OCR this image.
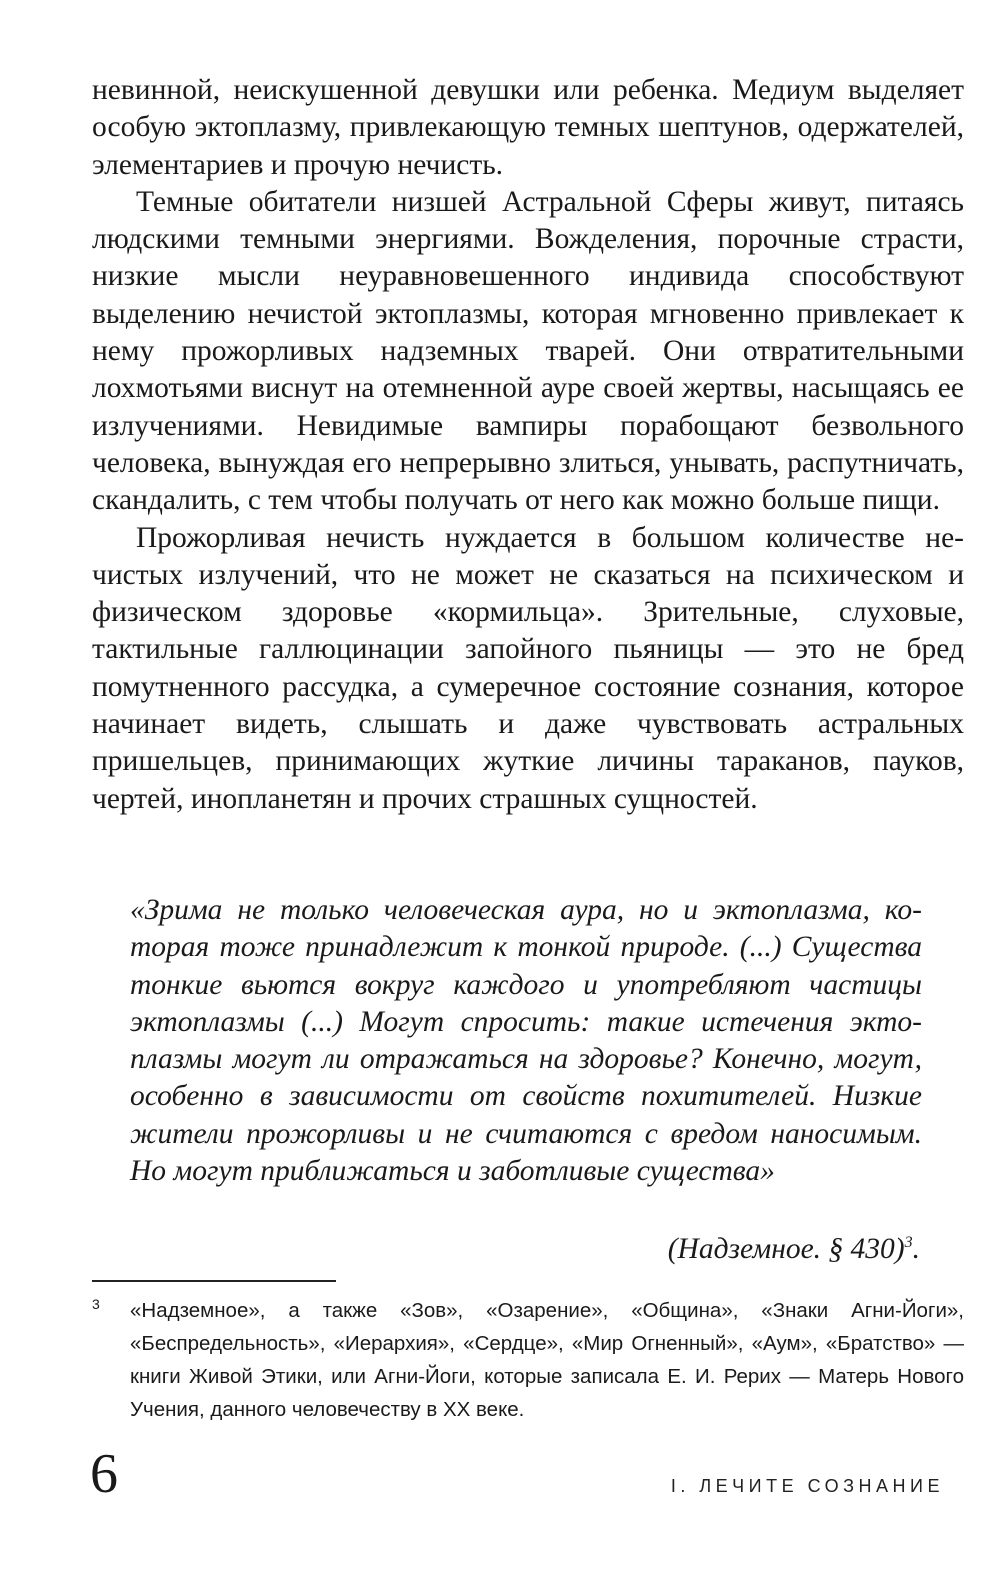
невинной, неискушенной девушки или ребенка. Медиум выделяет особую эктоплазму, привлекающую темных шептунов, одержателей, элементариев и прочую нечисть.

Темные обитатели низшей Астральной Сферы живут, питаясь людскими темными энергиями. Вожделения, порочные страсти, низкие мысли неуравновешенного индивида способствуют выделению нечистой эктоплазмы, которая мгновенно привлекает к нему прожорливых надземных тварей. Они отвратительными лохмотьями виснут на отемненной ауре своей жертвы, насыщаясь ее излучениями. Невидимые вампиры порабощают безвольного человека, вынуждая его непрерывно злиться, унывать, распутничать, скандалить, с тем чтобы получать от него как можно больше пищи.

Прожорливая нечисть нуждается в большом количестве нечистых излучений, что не может не сказаться на психическом и физическом здоровье «кормильца». Зрительные, слуховые, тактильные галлюцинации запойного пьяницы — это не бред помутненного рассудка, а сумеречное состояние сознания, которое начинает видеть, слышать и даже чувствовать астральных пришельцев, принимающих жуткие личины тараканов, пауков, чертей, инопланетян и прочих страшных сущностей.

«Зрима не только человеческая аура, но и эктоплазма, которая тоже принадлежит к тонкой природе. (...) Существа тонкие вьются вокруг каждого и употребляют частицы эктоплазмы (...) Могут спросить: такие истечения эктоплазмы могут ли отражаться на здоровье? Конечно, могут, особенно в зависимости от свойств похитителей. Низкие жители прожорливы и не считаются с вредом наносимым. Но могут приближаться и заботливые существа»

(Надземное. § 430)$^3$.

3 «Надземное», а также «Зов», «Озарение», «Община», «Знаки Агни-Йоги», «Беспредельность», «Иерархия», «Сердце», «Мир Огненный», «Аум», «Братство» — книги Живой Этики, или Агни-Йоги, которые записала Е. И. Рерих — Матерь Нового Учения, данного человечеству в XX веке.

6	I. ЛЕЧИТЕ СОЗНАНИЕ
